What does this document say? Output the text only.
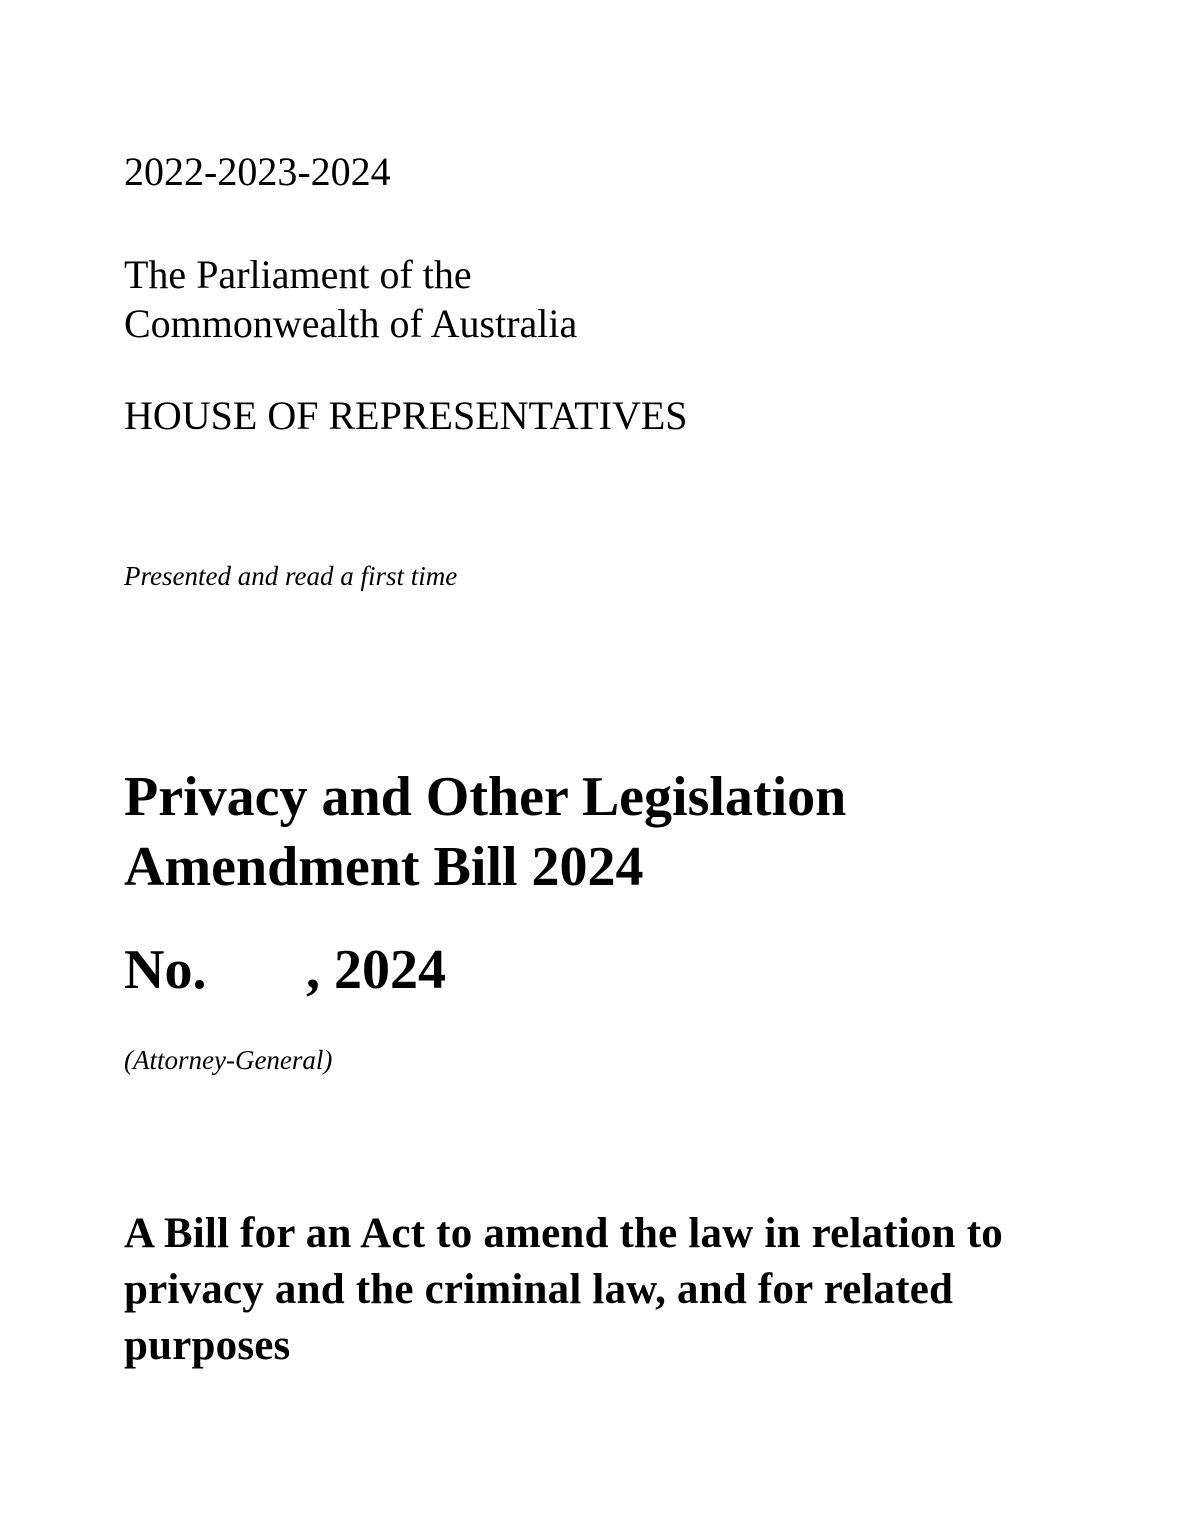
2022-2023-2024

The Parliament of the
Commonwealth of Australia

HOUSE OF REPRESENTATIVES

Presented and read a first time

Privacy and Other Legislation
Amendment Bill 2024

No. , 2024

(Attorney-General)

A Bill for an Act to amend the law in relation to
privacy and the criminal law, and for related
purposes
